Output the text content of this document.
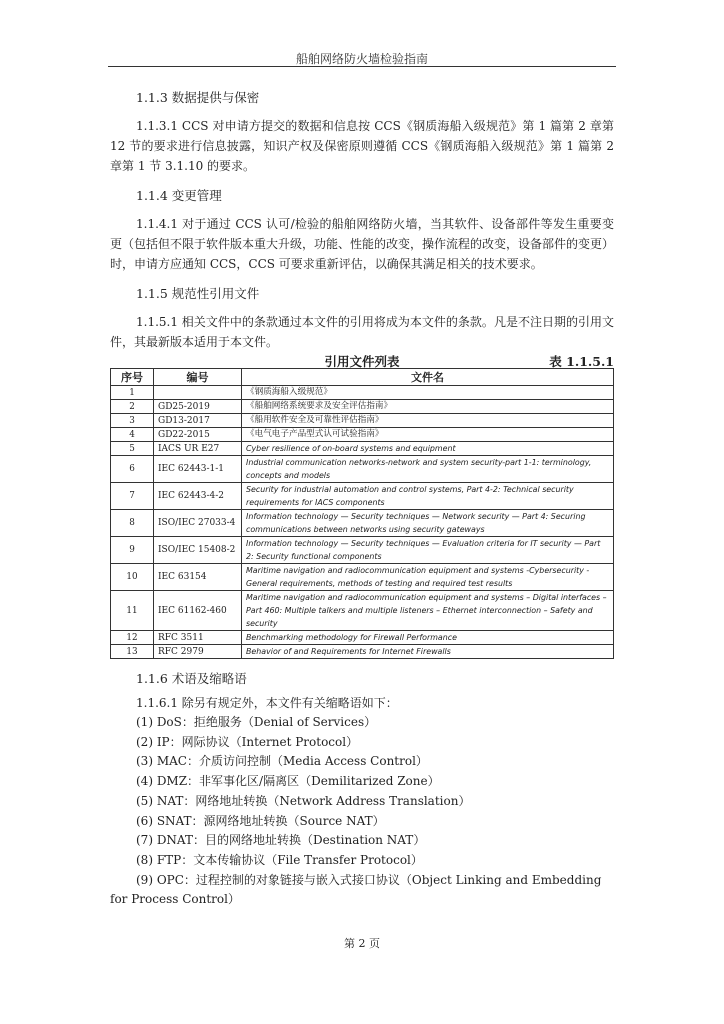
船舶网络防火墙检验指南
1.1.3 数据提供与保密

1.1.3.1 CCS 对申请方提交的数据和信息按 CCS《钢质海船入级规范》第 1 篇第 2 章第 12 节的要求进行信息披露，知识产权及保密原则遵循 CCS《钢质海船入级规范》第 1 篇第 2 章第 1 节 3.1.10 的要求。

1.1.4 变更管理

1.1.4.1 对于通过 CCS 认可/检验的船舶网络防火墙，当其软件、设备部件等发生重要变更（包括但不限于软件版本重大升级，功能、性能的改变，操作流程的改变，设备部件的变更）时，申请方应通知 CCS，CCS 可要求重新评估，以确保其满足相关的技术要求。

1.1.5 规范性引用文件

1.1.5.1 相关文件中的条款通过本文件的引用将成为本文件的条款。凡是不注日期的引用文件，其最新版本适用于本文件。

引用文件列表	表 1.1.5.1
序号	编号	文件名
1		《钢质海船入级规范》
2	GD25-2019	《船舶网络系统要求及安全评估指南》
3	GD13-2017	《船用软件安全及可靠性评估指南》
4	GD22-2015	《电气电子产品型式认可试验指南》
5	IACS UR E27	Cyber resilience of on-board systems and equipment
6	IEC 62443-1-1	Industrial communication networks-network and system security-part 1-1: terminology, concepts and models
7	IEC 62443-4-2	Security for industrial automation and control systems, Part 4-2: Technical security requirements for IACS components
8	ISO/IEC 27033-4	Information technology — Security techniques — Network security — Part 4: Securing communications between networks using security gateways
9	ISO/IEC 15408-2	Information technology — Security techniques — Evaluation criteria for IT security — Part 2: Security functional components
10	IEC 63154	Maritime navigation and radiocommunication equipment and systems -Cybersecurity - General requirements, methods of testing and required test results
11	IEC 61162-460	Maritime navigation and radiocommunication equipment and systems – Digital interfaces – Part 460: Multiple talkers and multiple listeners – Ethernet interconnection – Safety and security
12	RFC 3511	Benchmarking methodology for Firewall Performance
13	RFC 2979	Behavior of and Requirements for Internet Firewalls
1.1.6 术语及缩略语

1.1.6.1 除另有规定外，本文件有关缩略语如下：

(1) DoS：拒绝服务（Denial of Services）
(2) IP：网际协议（Internet Protocol）
(3) MAC：介质访问控制（Media Access Control）
(4) DMZ：非军事化区/隔离区（Demilitarized Zone）
(5) NAT：网络地址转换（Network Address Translation）
(6) SNAT：源网络地址转换（Source NAT）
(7) DNAT：目的网络地址转换（Destination NAT）
(8) FTP：文本传输协议（File Transfer Protocol）
(9) OPC：过程控制的对象链接与嵌入式接口协议（Object Linking and Embedding for Process Control）
第 2 页
